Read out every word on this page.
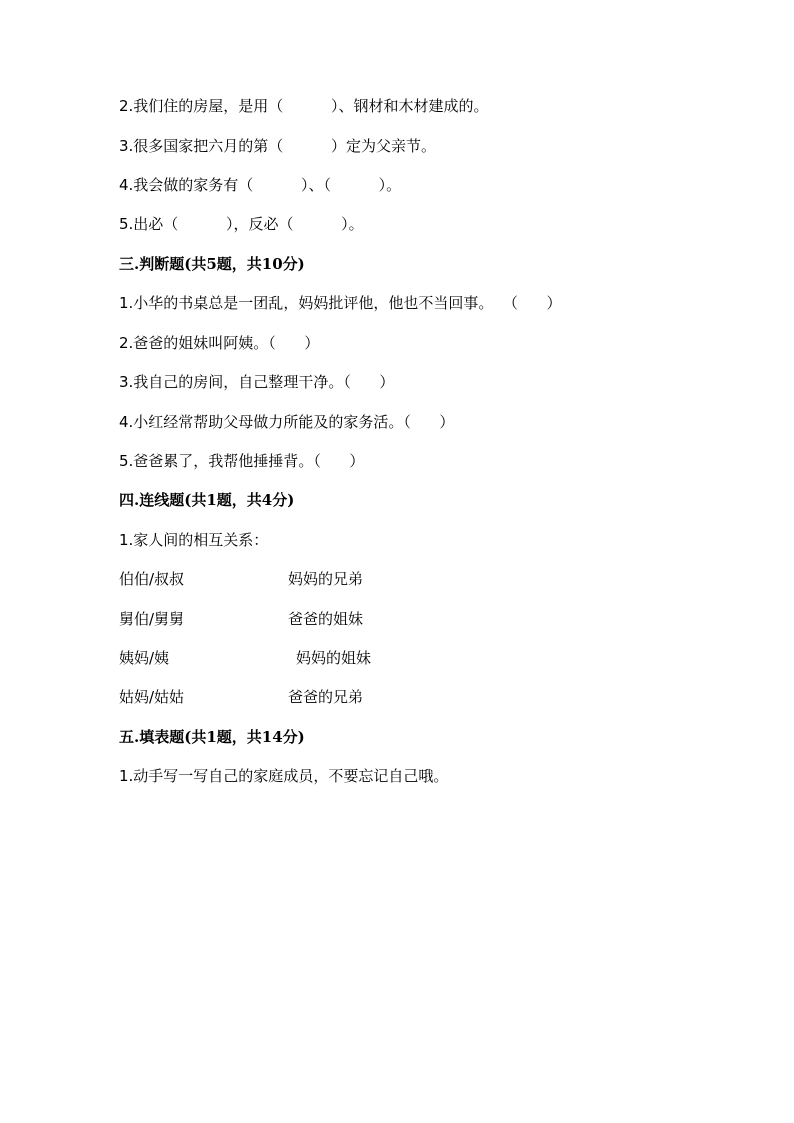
2.我们住的房屋，是用（          ）、钢材和木材建成的。
3.很多国家把六月的第（          ）定为父亲节。
4.我会做的家务有（          ）、（          ）。
5.出必（          ），反必（          ）。
三.判断题(共5题，共10分)
1.小华的书桌总是一团乱，妈妈批评他，他也不当回事。  （      ）
2.爸爸的姐妹叫阿姨。（      ）
3.我自己的房间，自己整理干净。（      ）
4.小红经常帮助父母做力所能及的家务活。（      ）
5.爸爸累了，我帮他捶捶背。（      ）
四.连线题(共1题，共4分)
1.家人间的相互关系：
伯伯/叔叔	妈妈的兄弟
舅伯/舅舅	爸爸的姐妹
姨妈/姨	妈妈的姐妹
姑妈/姑姑	爸爸的兄弟
五.填表题(共1题，共14分)
1.动手写一写自己的家庭成员，不要忘记自己哦。
